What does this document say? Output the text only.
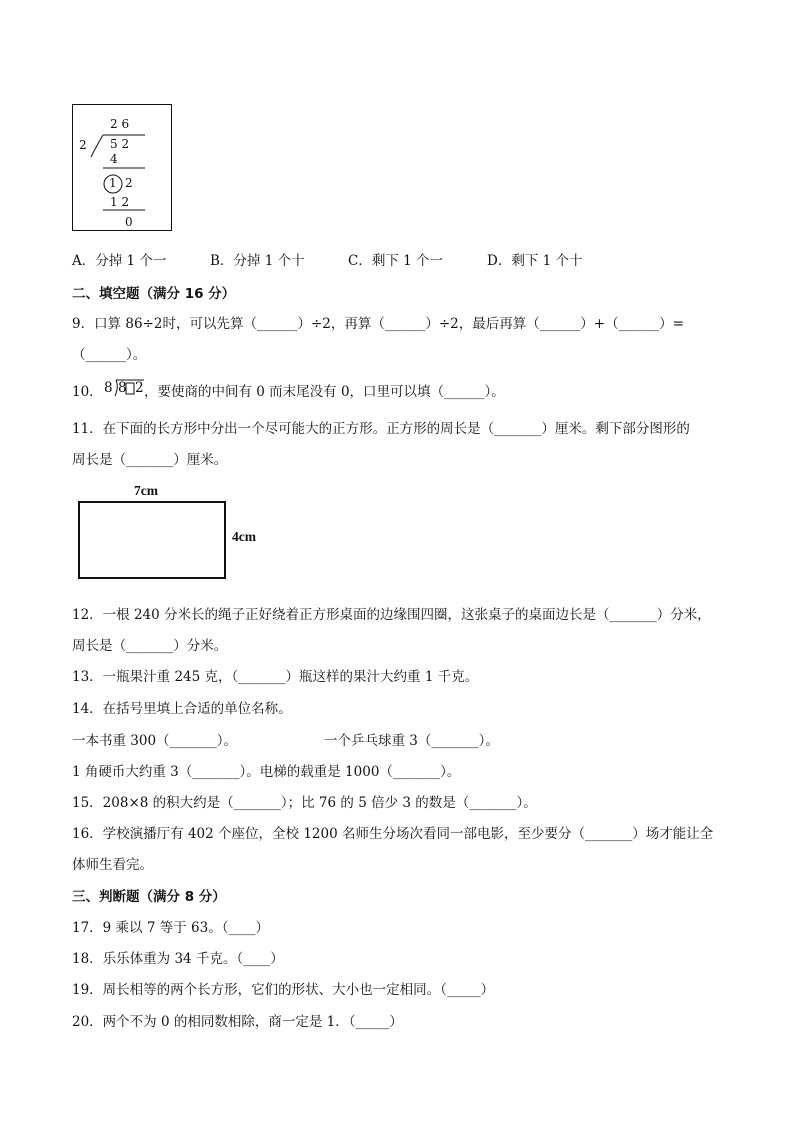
2 6
2 5 2
4
1 2
1 2
0
A．分掉 1 个一	B．分掉 1 个十	C．剩下 1 个一	D．剩下 1 个十
二、填空题（满分 16 分）
9．口算 86÷2时，可以先算（______）÷2，再算（______）÷2，最后再算（______）+（______）=
（______）。
10． 8 8 2 ，要使商的中间有 0 而末尾没有 0，口里可以填（______）。
11．在下面的长方形中分出一个尽可能大的正方形。正方形的周长是（_______）厘米。剩下部分图形的
周长是（_______）厘米。
7cm
4cm
12．一根 240 分米长的绳子正好绕着正方形桌面的边缘围四圈，这张桌子的桌面边长是（_______）分米，
周长是（_______）分米。
13．一瓶果汁重 245 克，（_______）瓶这样的果汁大约重 1 千克。
14．在括号里填上合适的单位名称。
一本书重 300（_______）。	一个乒乓球重 3（_______）。
1 角硬币大约重 3（_______）。电梯的载重是 1000（_______）。
15．208×8 的积大约是（_______）；比 76 的 5 倍少 3 的数是（_______）。
16．学校演播厅有 402 个座位，全校 1200 名师生分场次看同一部电影，至少要分（_______）场才能让全
体师生看完。
三、判断题（满分 8 分）
17．9 乘以 7 等于 63。（____）
18．乐乐体重为 34 千克。（____）
19．周长相等的两个长方形，它们的形状、大小也一定相同。（_____）
20．两个不为 0 的相同数相除，商一定是 1．（_____）
